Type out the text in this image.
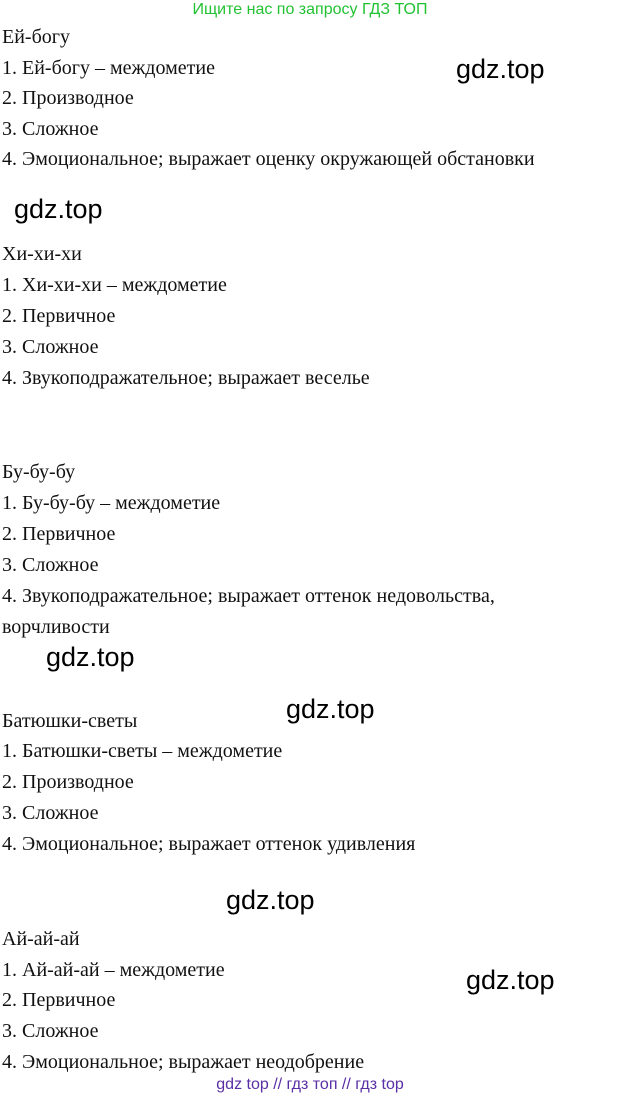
Ищите нас по запросу ГДЗ ТОП
Ей-богу
1. Ей-богу – междометие
2. Производное
3. Сложное
4. Эмоциональное; выражает оценку окружающей обстановки
Хи-хи-хи
1. Хи-хи-хи – междометие
2. Первичное
3. Сложное
4. Звукоподражательное; выражает веселье
Бу-бу-бу
1. Бу-бу-бу – междометие
2. Первичное
3. Сложное
4. Звукоподражательное; выражает оттенок недовольства,
ворчливости
Батюшки-светы
1. Батюшки-светы – междометие
2. Производное
3. Сложное
4. Эмоциональное; выражает оттенок удивления
Ай-ай-ай
1. Ай-ай-ай – междометие
2. Первичное
3. Сложное
4. Эмоциональное; выражает неодобрение
gdz.top
gdz.top
gdz.top
gdz.top
gdz.top
gdz.top
gdz top // гдз топ // гдз top
